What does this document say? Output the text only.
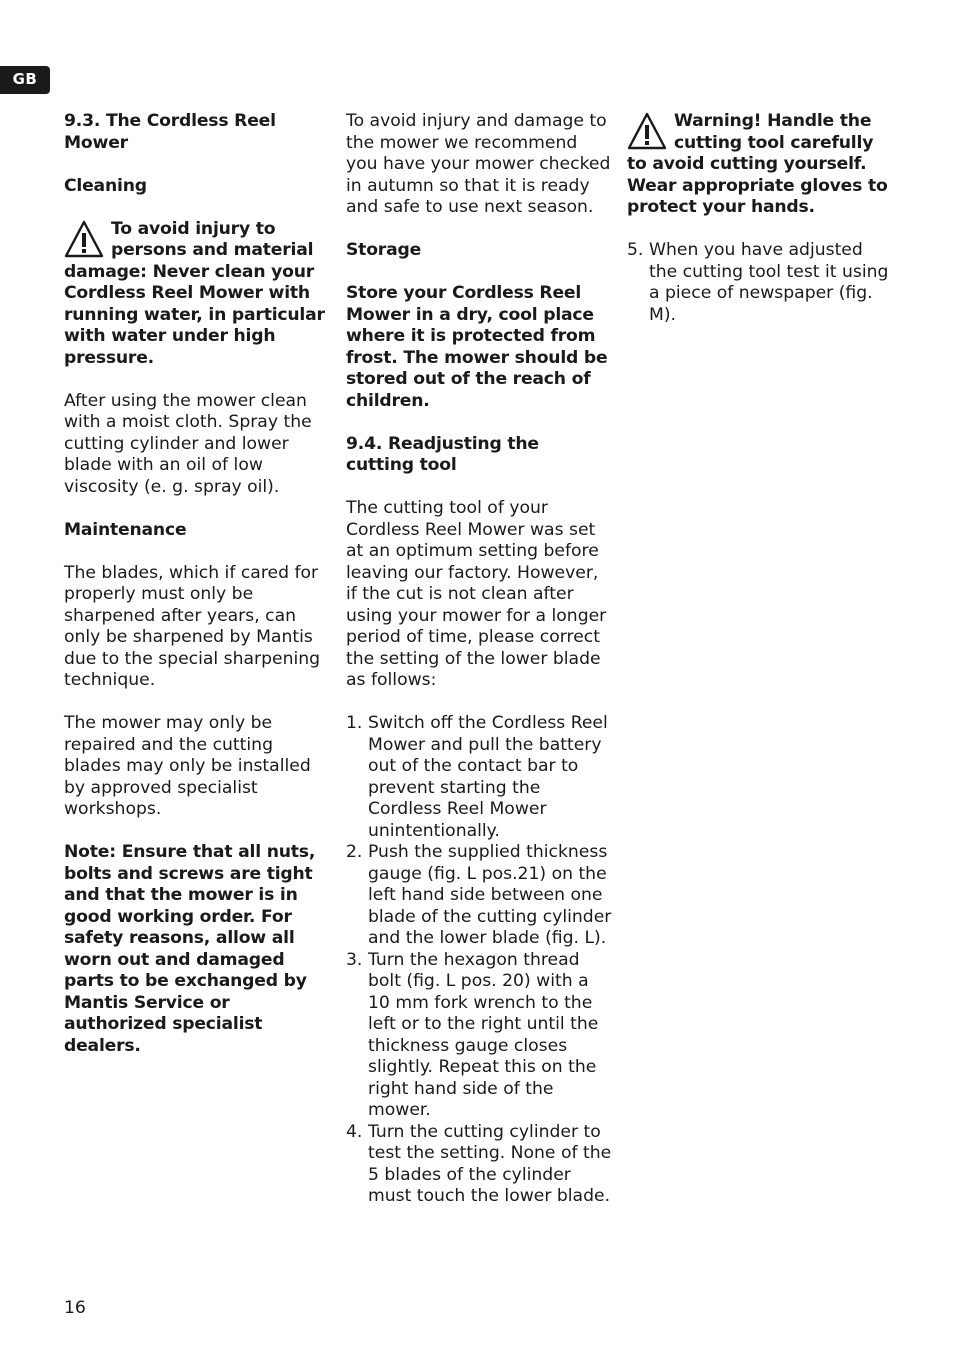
GB

9.3. The Cordless Reel Mower

Cleaning

To avoid injury to persons and material damage: Never clean your Cordless Reel Mower with running water, in particular with water under high pressure.

After using the mower clean with a moist cloth. Spray the cutting cylinder and lower blade with an oil of low viscosity (e. g. spray oil).

Maintenance

The blades, which if cared for properly must only be sharpened after years, can only be sharpened by Mantis due to the special sharpening technique.

The mower may only be repaired and the cutting blades may only be installed by approved specialist workshops.

Note: Ensure that all nuts, bolts and screws are tight and that the mower is in good working order. For safety reasons, allow all worn out and damaged parts to be exchanged by Mantis Service or authorized specialist dealers.

To avoid injury and damage to the mower we recommend you have your mower checked in autumn so that it is ready and safe to use next season.

Storage

Store your Cordless Reel Mower in a dry, cool place where it is protected from frost. The mower should be stored out of the reach of children.

9.4. Readjusting the cutting tool

The cutting tool of your Cordless Reel Mower was set at an optimum setting before leaving our factory. However, if the cut is not clean after using your mower for a longer period of time, please correct the setting of the lower blade as follows:

1. Switch off the Cordless Reel Mower and pull the battery out of the contact bar to prevent starting the Cordless Reel Mower unintentionally.
2. Push the supplied thickness gauge (fig. L pos.21) on the left hand side between one blade of the cutting cylinder and the lower blade (fig. L).
3. Turn the hexagon thread bolt (fig. L pos. 20) with a 10 mm fork wrench to the left or to the right until the thickness gauge closes slightly. Repeat this on the right hand side of the mower.
4. Turn the cutting cylinder to test the setting. None of the 5 blades of the cylinder must touch the lower blade.

Warning! Handle the cutting tool carefully to avoid cutting yourself. Wear appropriate gloves to protect your hands.

5. When you have adjusted the cutting tool test it using a piece of newspaper (fig. M).
16
